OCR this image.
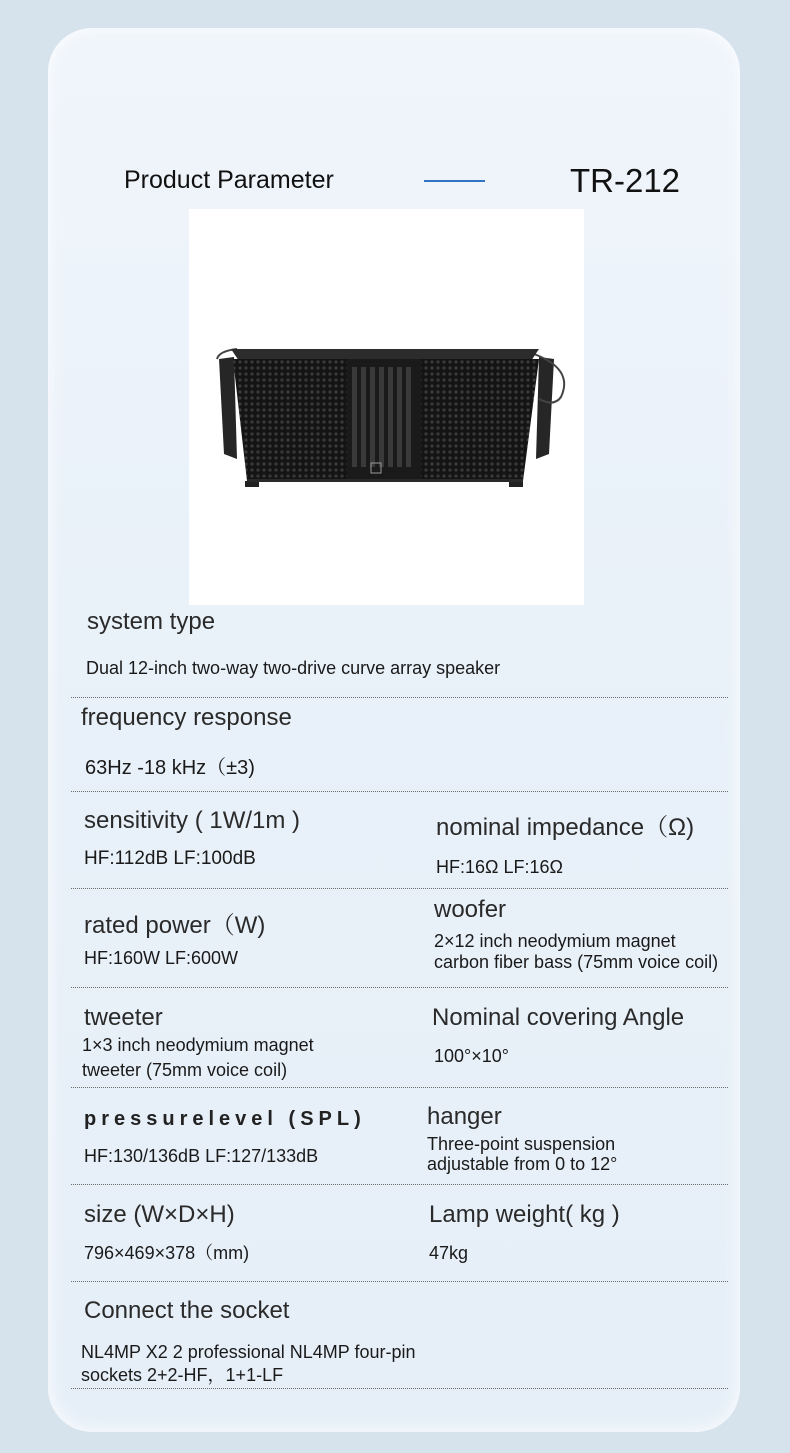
Product Parameter	TR-212
system type
Dual 12-inch two-way two-drive curve array speaker
frequency response
63Hz -18 kHz（±3)
sensitivity ( 1W/1m )
HF:112dB LF:100dB
nominal impedance（Ω)
HF:16Ω LF:16Ω
rated power（W)
HF:160W LF:600W
woofer
2×12 inch neodymium magnet
carbon fiber bass (75mm voice coil)
tweeter
1×3 inch neodymium magnet
tweeter (75mm voice coil)
Nominal covering Angle
100°×10°
pressurelevel (SPL)
HF:130/136dB LF:127/133dB
hanger
Three-point suspension
adjustable from 0 to 12°
size (W×D×H)
796×469×378（mm)
Lamp weight( kg )
47kg
Connect the socket
NL4MP X2 2 professional NL4MP four-pin
sockets 2+2-HF，1+1-LF
